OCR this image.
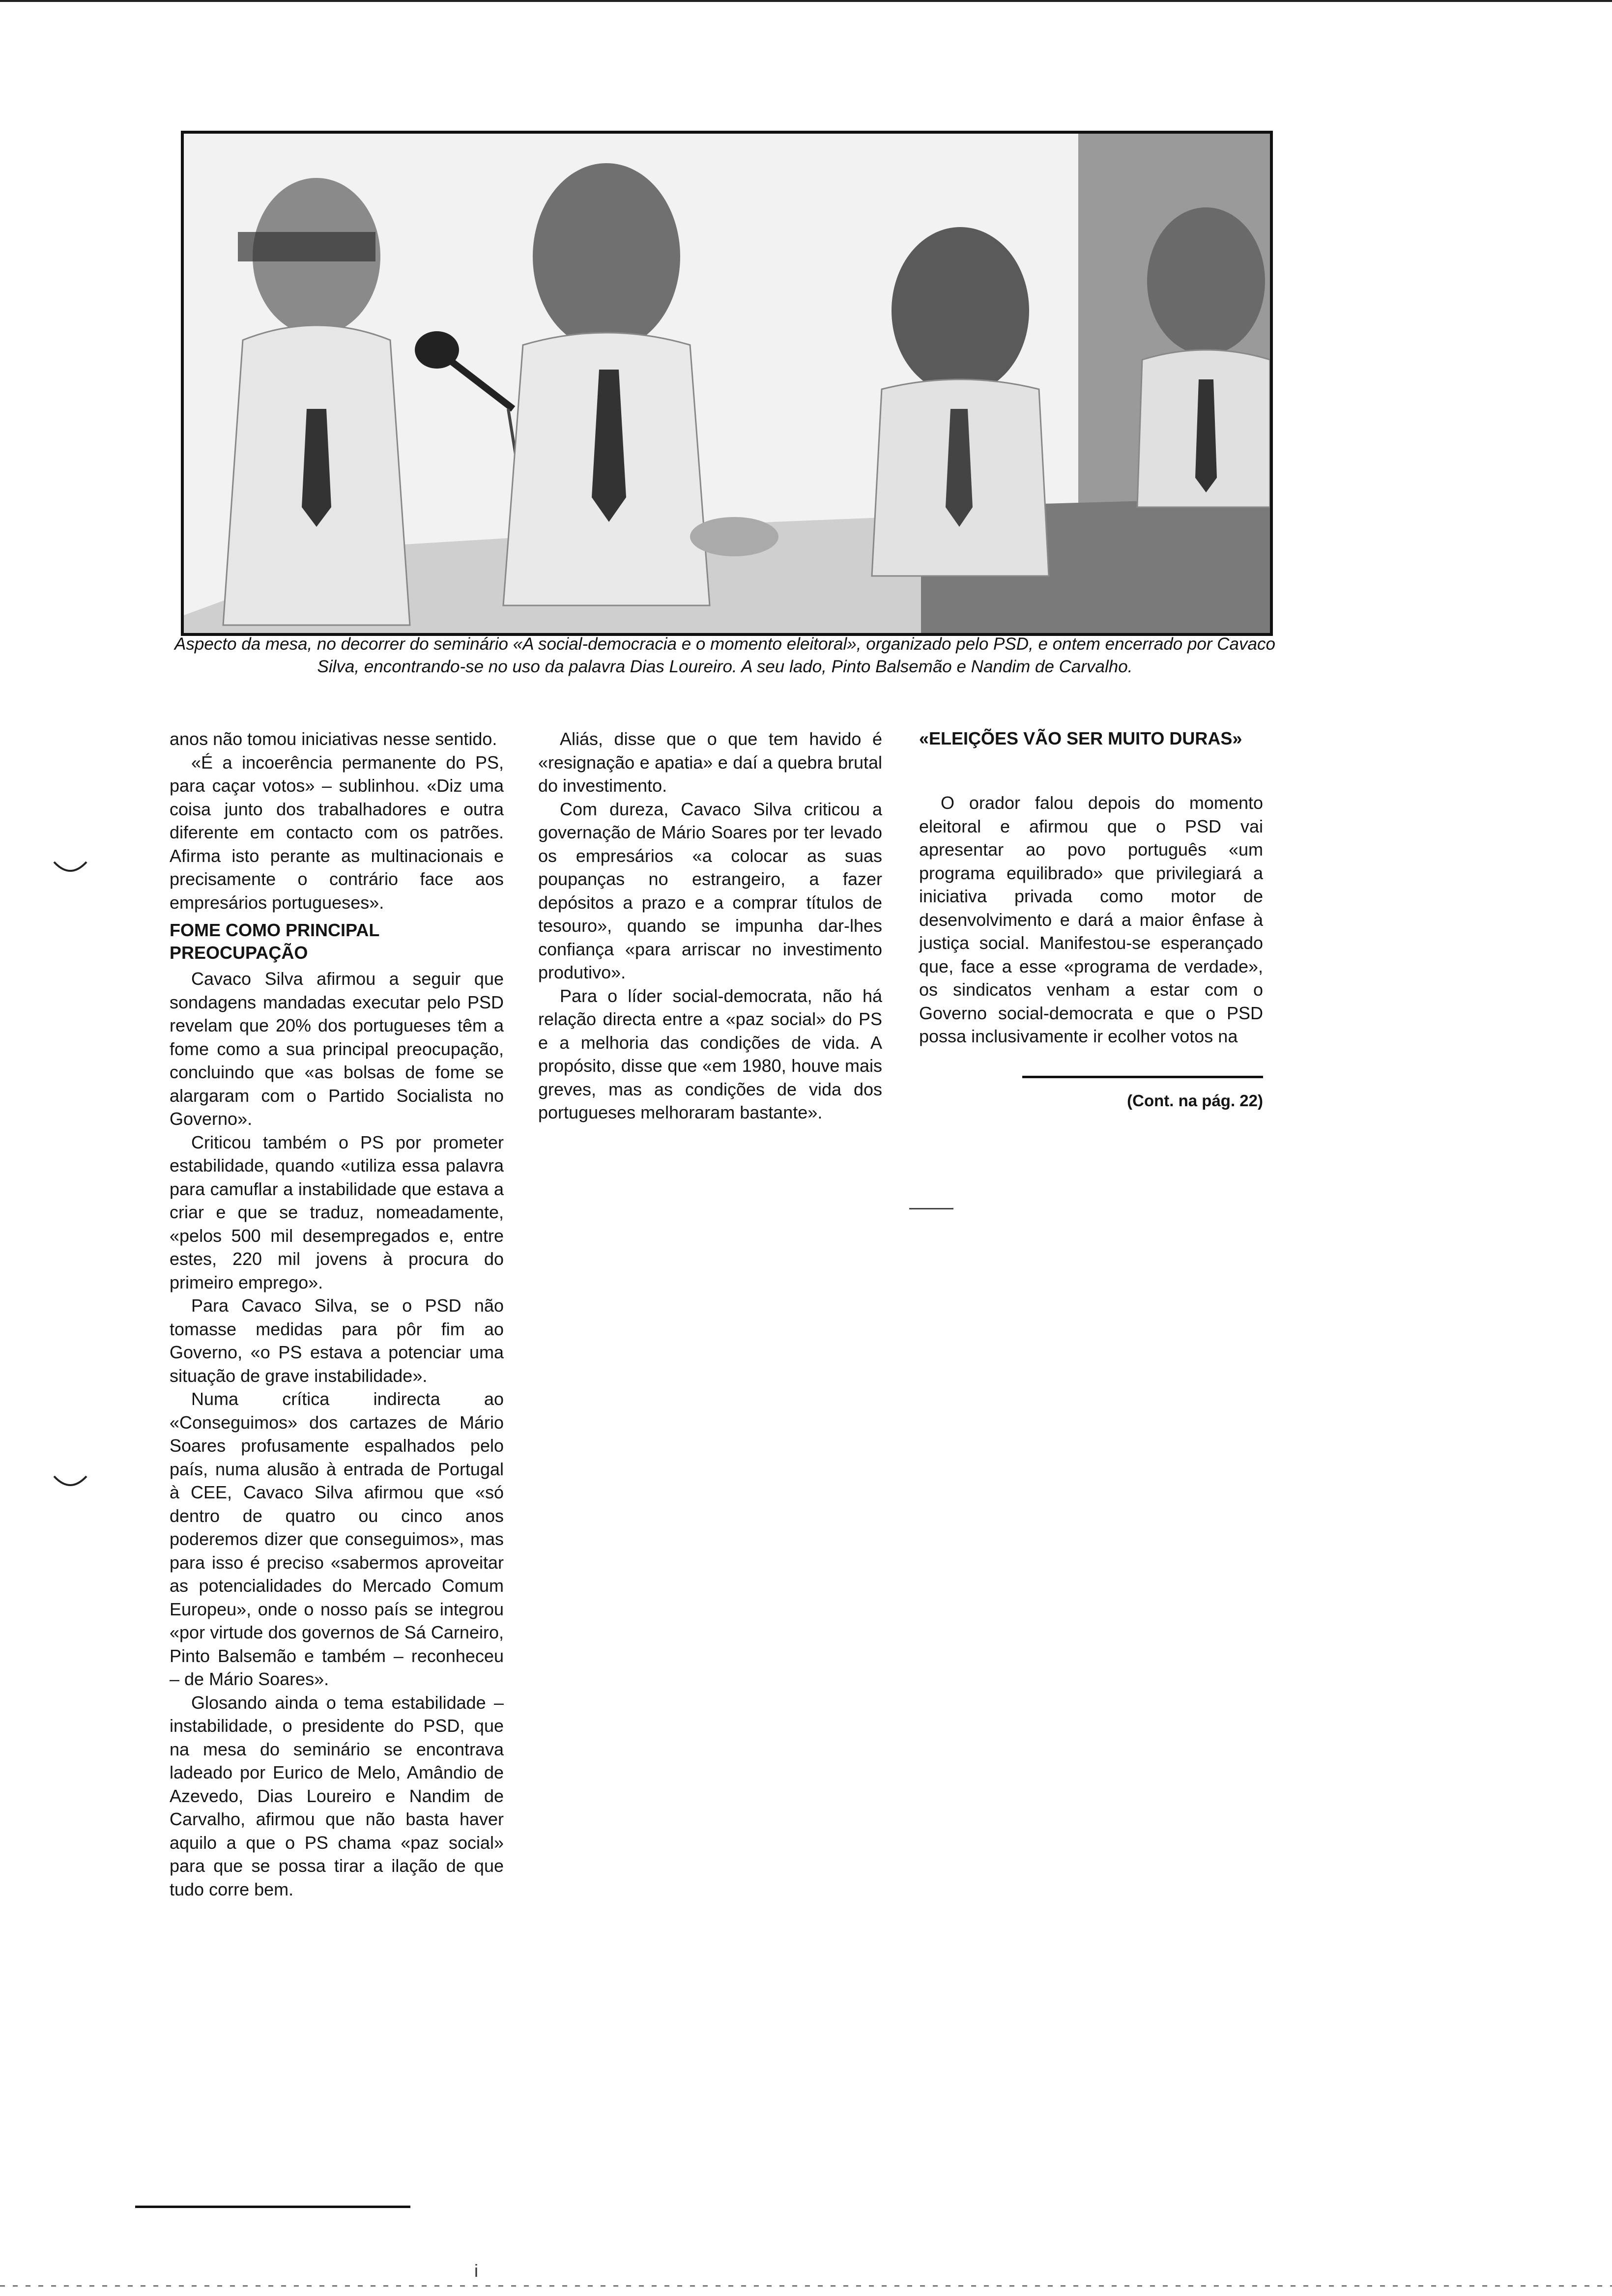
Aspecto da mesa, no decorrer do seminário «A social-democracia e o momento eleitoral», organizado pelo PSD, e ontem encerrado por Cavaco Silva, encontrando-se no uso da palavra Dias Loureiro. A seu lado, Pinto Balsemão e Nandim de Carvalho.

anos não tomou iniciativas nesse sentido.

«É a incoerência permanente do PS, para caçar votos» – sublinhou. «Diz uma coisa junto dos trabalhadores e outra diferente em contacto com os patrões. Afirma isto perante as multinacionais e precisamente o contrário face aos empresários portugueses».

FOME COMO PRINCIPAL PREOCUPAÇÃO

Cavaco Silva afirmou a seguir que sondagens mandadas executar pelo PSD revelam que 20% dos portugueses têm a fome como a sua principal preocupação, concluindo que «as bolsas de fome se alargaram com o Partido Socialista no Governo».

Criticou também o PS por prometer estabilidade, quando «utiliza essa palavra para camuflar a instabilidade que estava a criar e que se traduz, nomeadamente, «pelos 500 mil desempregados e, entre estes, 220 mil jovens à procura do primeiro emprego».

Para Cavaco Silva, se o PSD não tomasse medidas para pôr fim ao Governo, «o PS estava a potenciar uma situação de grave instabilidade».

Numa crítica indirecta ao «Conseguimos» dos cartazes de Mário Soares profusamente espalhados pelo país, numa alusão à entrada de Portugal à CEE, Cavaco Silva afirmou que «só dentro de quatro ou cinco anos poderemos dizer que conseguimos», mas para isso é preciso «sabermos aproveitar as potencialidades do Mercado Comum Europeu», onde o nosso país se integrou «por virtude dos governos de Sá Carneiro, Pinto Balsemão e também – reconheceu – de Mário Soares».

Glosando ainda o tema estabilidade – instabilidade, o presidente do PSD, que na mesa do seminário se encontrava ladeado por Eurico de Melo, Amândio de Azevedo, Dias Loureiro e Nandim de Carvalho, afirmou que não basta haver aquilo a que o PS chama «paz social» para que se possa tirar a ilação de que tudo corre bem.

Aliás, disse que o que tem havido é «resignação e apatia» e daí a quebra brutal do investimento.

Com dureza, Cavaco Silva criticou a governação de Mário Soares por ter levado os empresários «a colocar as suas poupanças no estrangeiro, a fazer depósitos a prazo e a comprar títulos de tesouro», quando se impunha dar-lhes confiança «para arriscar no investimento produtivo».

Para o líder social-democrata, não há relação directa entre a «paz social» do PS e a melhoria das condições de vida. A propósito, disse que «em 1980, houve mais greves, mas as condições de vida dos portugueses melhoraram bastante».

«ELEIÇÕES VÃO SER MUITO DURAS»

O orador falou depois do momento eleitoral e afirmou que o PSD vai apresentar ao povo português «um programa equilibrado» que privilegiará a iniciativa privada como motor de desenvolvimento e dará a maior ênfase à justiça social. Manifestou-se esperançado que, face a esse «programa de verdade», os sindicatos venham a estar com o Governo social-democrata e que o PSD possa inclusivamente ir ecolher votos na

(Cont. na pág. 22)
i
